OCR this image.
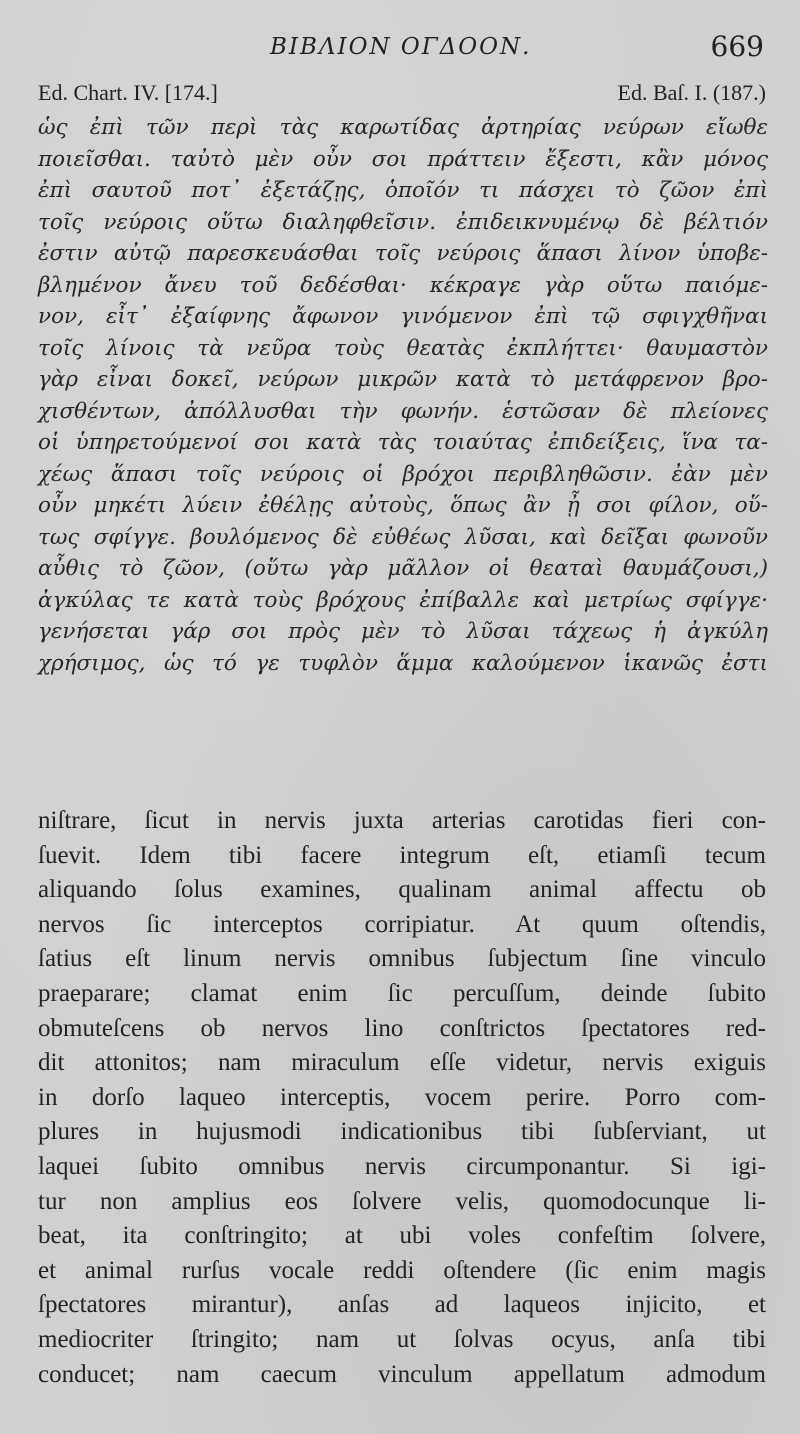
BIBΛΙΟΝ ΟΓΔΟΟΝ.	669
Ed. Chart. IV. [174.]	Ed. Baſ. I. (187.)
ὡς ἐπὶ τῶν περὶ τὰς καρωτίδας ἀρτηρίας νεύρων εἴωθε
ποιεῖσθαι. ταὐτὸ μὲν οὖν σοι πράττειν ἔξεστι, κἂν μόνος
ἐπὶ σαυτοῦ ποτ᾽ ἐξετάζῃς, ὁποῖόν τι πάσχει τὸ ζῶον ἐπὶ
τοῖς νεύροις οὕτω διαληφθεῖσιν. ἐπιδεικνυμένῳ δὲ βέλτιόν
ἐστιν αὐτῷ παρεσκευάσθαι τοῖς νεύροις ἅπασι λίνον ὑποβε-
βλημένον ἄνευ τοῦ δεδέσθαι· κέκραγε γὰρ οὕτω παιόμε-
νον, εἶτ᾽ ἐξαίφνης ἄφωνον γινόμενον ἐπὶ τῷ σφιγχθῆναι
τοῖς λίνοις τὰ νεῦρα τοὺς θεατὰς ἐκπλήττει· θαυμαστὸν
γὰρ εἶναι δοκεῖ, νεύρων μικρῶν κατὰ τὸ μετάφρενον βρο-
χισθέντων, ἀπόλλυσθαι τὴν φωνήν. ἑστῶσαν δὲ πλείονες
οἱ ὑπηρετούμενοί σοι κατὰ τὰς τοιαύτας ἐπιδείξεις, ἵνα τα-
χέως ἅπασι τοῖς νεύροις οἱ βρόχοι περιβληθῶσιν. ἐὰν μὲν
οὖν μηκέτι λύειν ἐθέλῃς αὐτοὺς, ὅπως ἂν ᾖ σοι φίλον, οὕ-
τως σφίγγε. βουλόμενος δὲ εὐθέως λῦσαι, καὶ δεῖξαι φωνοῦν
αὖθις τὸ ζῶον, (οὕτω γὰρ μᾶλλον οἱ θεαταὶ θαυμάζουσι,)
ἀγκύλας τε κατὰ τοὺς βρόχους ἐπίβαλλε καὶ μετρίως σφίγγε·
γενήσεται γάρ σοι πρὸς μὲν τὸ λῦσαι τάχεως ἡ ἀγκύλη
χρήσιμος, ὡς τό γε τυφλὸν ἅμμα καλούμενον ἱκανῶς ἐστι
niſtrare, ſicut in nervis juxta arterias carotidas fieri con-
ſuevit. Idem tibi facere integrum eſt, etiamſi tecum
aliquando ſolus examines, qualinam animal affectu ob
nervos ſic interceptos corripiatur. At quum oſtendis,
ſatius eſt linum nervis omnibus ſubjectum ſine vinculo
praeparare; clamat enim ſic percuſſum, deinde ſubito
obmuteſcens ob nervos lino conſtrictos ſpectatores red-
dit attonitos; nam miraculum eſſe videtur, nervis exiguis
in dorſo laqueo interceptis, vocem perire. Porro com-
plures in hujusmodi indicationibus tibi ſubſerviant, ut
laquei ſubito omnibus nervis circumponantur. Si igi-
tur non amplius eos ſolvere velis, quomodocunque li-
beat, ita conſtringito; at ubi voles confeſtim ſolvere,
et animal rurſus vocale reddi oſtendere (ſic enim magis
ſpectatores mirantur), anſas ad laqueos injicito, et
mediocriter ſtringito; nam ut ſolvas ocyus, anſa tibi
conducet; nam caecum vinculum appellatum admodum
